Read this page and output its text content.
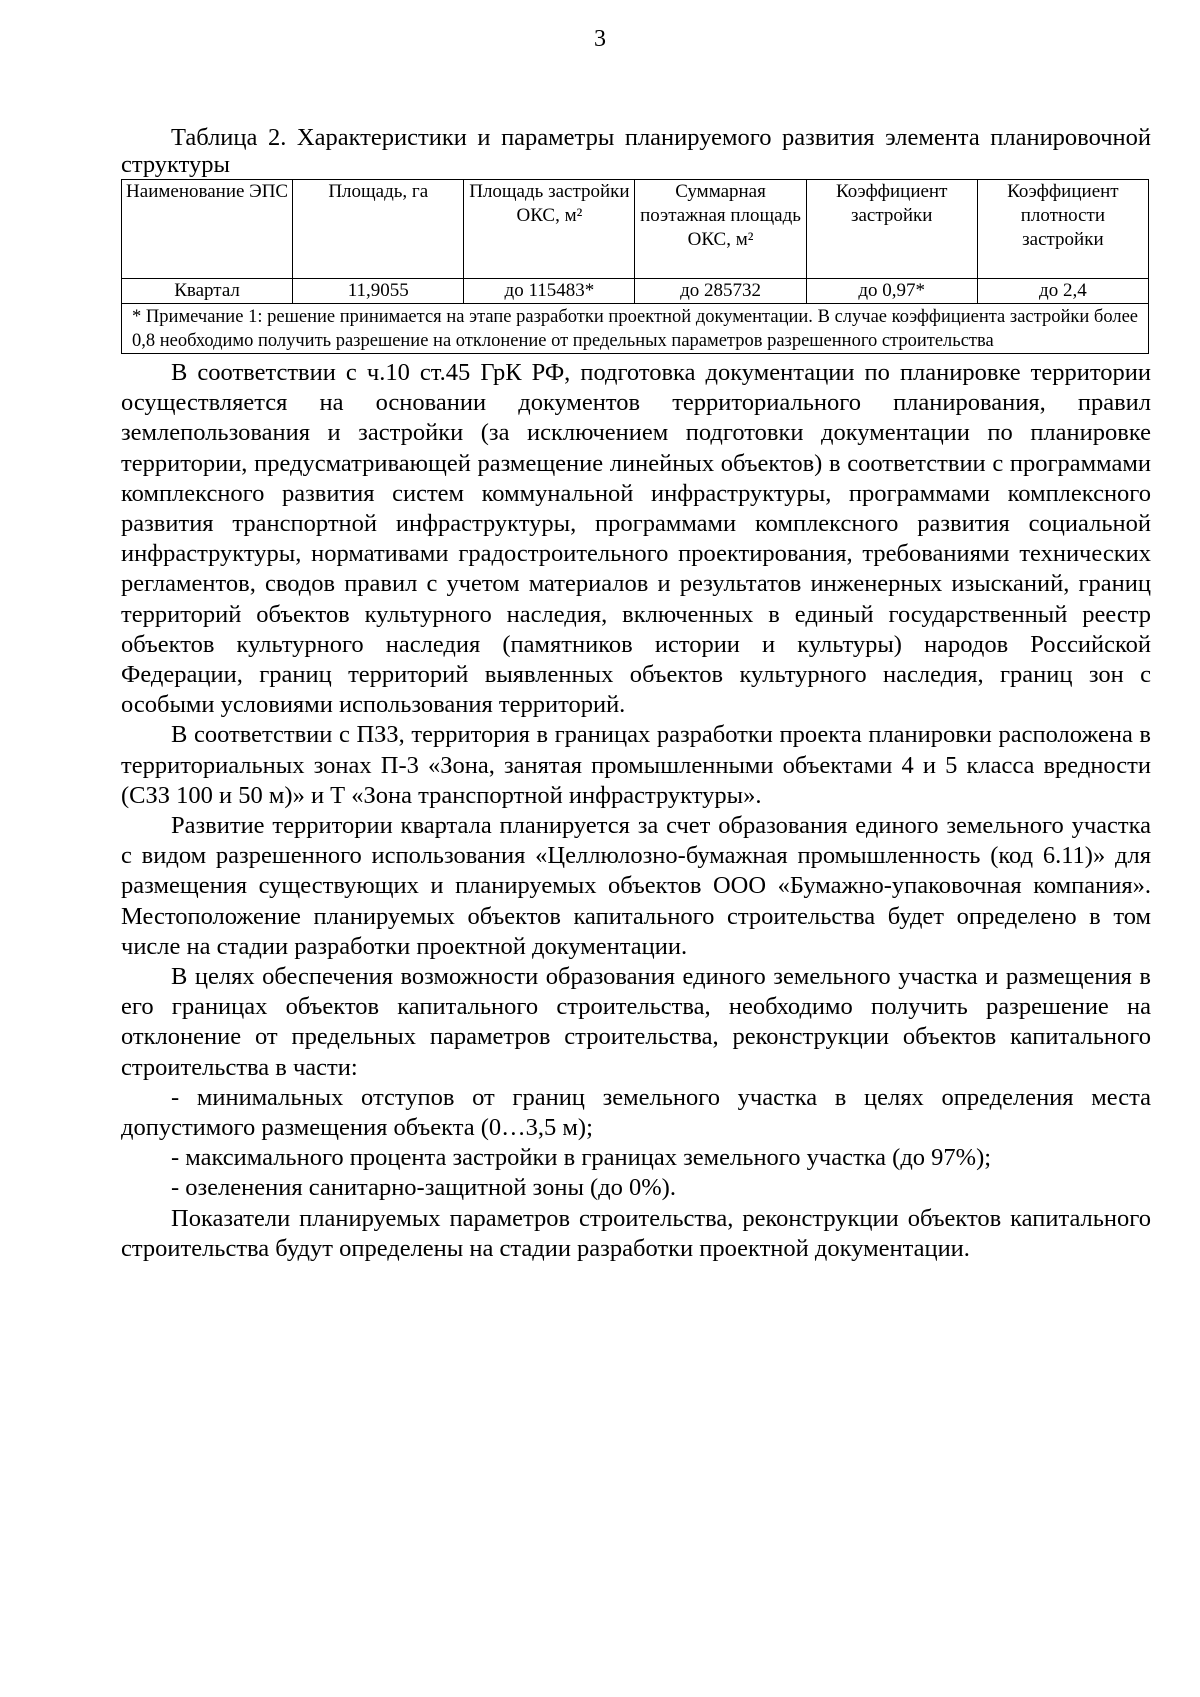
3

Таблица 2. Характеристики и параметры планируемого развития элемента планировочной структуры

Наименование ЭПС	Площадь, га	Площадь застройки ОКС, м²	Суммарная поэтажная площадь ОКС, м²	Коэффициент застройки	Коэффициент плотности застройки
Квартал	11,9055	до 115483*	до 285732	до 0,97*	до 2,4
* Примечание 1: решение принимается на этапе разработки проектной документации. В случае коэффициента застройки более 0,8 необходимо получить разрешение на отклонение от предельных параметров разрешенного строительства					

В соответствии с ч.10 ст.45 ГрК РФ, подготовка документации по планировке территории осуществляется на основании документов территориального планирования, правил землепользования и застройки (за исключением подготовки документации по планировке территории, предусматривающей размещение линейных объектов) в соответствии с программами комплексного развития систем коммунальной инфраструктуры, программами комплексного развития транспортной инфраструктуры, программами комплексного развития социальной инфраструктуры, нормативами градостроительного проектирования, требованиями технических регламентов, сводов правил с учетом материалов и результатов инженерных изысканий, границ территорий объектов культурного наследия, включенных в единый государственный реестр объектов культурного наследия (памятников истории и культуры) народов Российской Федерации, границ территорий выявленных объектов культурного наследия, границ зон с особыми условиями использования территорий.

В соответствии с ПЗЗ, территория в границах разработки проекта планировки расположена в территориальных зонах П-3 «Зона, занятая промышленными объектами 4 и 5 класса вредности (СЗЗ 100 и 50 м)» и Т «Зона транспортной инфраструктуры».

Развитие территории квартала планируется за счет образования единого земельного участка с видом разрешенного использования «Целлюлозно-бумажная промышленность (код 6.11)» для размещения существующих и планируемых объектов ООО «Бумажно-упаковочная компания». Местоположение планируемых объектов капитального строительства будет определено в том числе на стадии разработки проектной документации.

В целях обеспечения возможности образования единого земельного участка и размещения в его границах объектов капитального строительства, необходимо получить разрешение на отклонение от предельных параметров строительства, реконструкции объектов капитального строительства в части:

- минимальных отступов от границ земельного участка в целях определения места допустимого размещения объекта (0…3,5 м);

- максимального процента застройки в границах земельного участка (до 97%);

- озеленения санитарно-защитной зоны (до 0%).

Показатели планируемых параметров строительства, реконструкции объектов капитального строительства будут определены на стадии разработки проектной документации.
